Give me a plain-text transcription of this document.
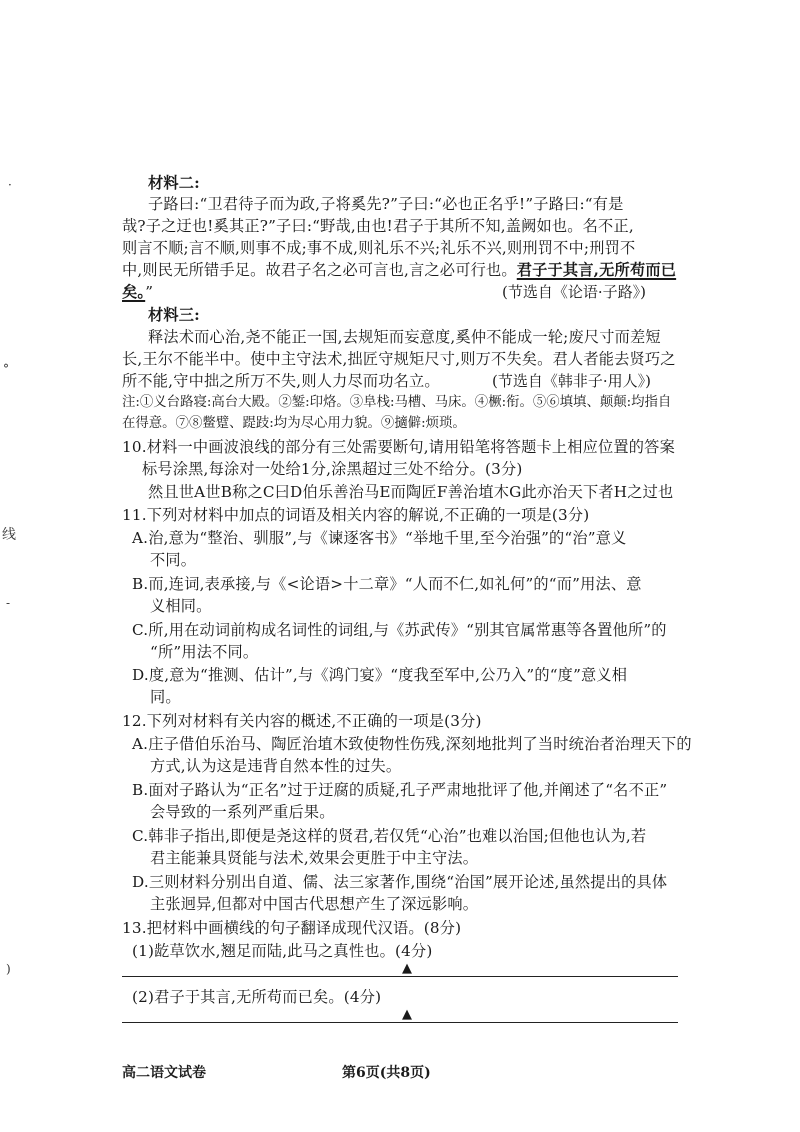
·
°
线
-
)
材料二:
子路曰:“卫君待子而为政,子将奚先?”子曰:“必也正名乎!”子路曰:“有是
哉?子之迂也!奚其正?”子曰:“野哉,由也!君子于其所不知,盖阙如也。名不正,
则言不顺;言不顺,则事不成;事不成,则礼乐不兴;礼乐不兴,则刑罚不中;刑罚不
中,则民无所错手足。故君子名之必可言也,言之必可行也。君子于其言,无所苟而已
矣。”	(节选自《论语·子路》)
材料三:
释法术而心治,尧不能正一国,去规矩而妄意度,奚仲不能成一轮;废尺寸而差短
长,王尔不能半中。使中主守法术,拙匠守规矩尺寸,则万不失矣。君人者能去贤巧之
所不能,守中拙之所万不失,则人力尽而功名立。	(节选自《韩非子·用人》)
注:①义台路寝:高台大殿。②錾:印烙。③阜栈:马槽、马床。④橛:衔。⑤⑥填填、颠颠:均指自
在得意。⑦⑧鳖躄、踶跂:均为尽心用力貌。⑨擿僻:烦琐。
10.材料一中画波浪线的部分有三处需要断句,请用铅笔将答题卡上相应位置的答案
标号涂黑,每涂对一处给1分,涂黑超过三处不给分。(3分)
然且世A世B称之C曰D伯乐善治马E而陶匠F善治埴木G此亦治天下者H之过也
11.下列对材料中加点的词语及相关内容的解说,不正确的一项是(3分)
A.治,意为“整治、驯服”,与《谏逐客书》“举地千里,至今治强”的“治”意义
不同。
B.而,连词,表承接,与《<论语>十二章》“人而不仁,如礼何”的“而”用法、意
义相同。
C.所,用在动词前构成名词性的词组,与《苏武传》“别其官属常惠等各置他所”的
“所”用法不同。
D.度,意为“推测、估计”,与《鸿门宴》“度我至军中,公乃入”的“度”意义相
同。
12.下列对材料有关内容的概述,不正确的一项是(3分)
A.庄子借伯乐治马、陶匠治埴木致使物性伤残,深刻地批判了当时统治者治理天下的
方式,认为这是违背自然本性的过失。
B.面对子路认为“正名”过于迂腐的质疑,孔子严肃地批评了他,并阐述了“名不正”
会导致的一系列严重后果。
C.韩非子指出,即便是尧这样的贤君,若仅凭“心治”也难以治国;但他也认为,若
君主能兼具贤能与法术,效果会更胜于中主守法。
D.三则材料分别出自道、儒、法三家著作,围绕“治国”展开论述,虽然提出的具体
主张迥异,但都对中国古代思想产生了深远影响。
13.把材料中画横线的句子翻译成现代汉语。(8分)
(1)龁草饮水,翘足而陆,此马之真性也。(4分)
▲
(2)君子于其言,无所苟而已矣。(4分)
▲
高二语文试卷	第6页(共8页)
